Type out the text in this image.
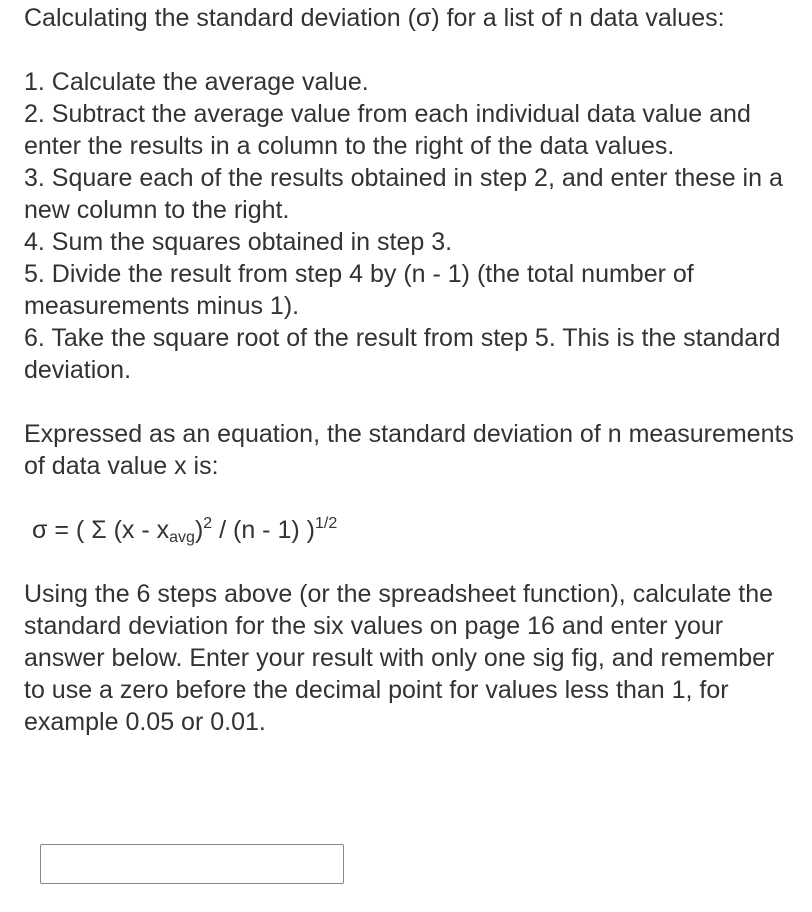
Calculating the standard deviation (σ) for a list of n data values:

1. Calculate the average value.
2. Subtract the average value from each individual data value and enter the results in a column to the right of the data values.
3. Square each of the results obtained in step 2, and enter these in a new column to the right.
4. Sum the squares obtained in step 3.
5. Divide the result from step 4 by (n - 1) (the total number of measurements minus 1).
6. Take the square root of the result from step 5. This is the standard deviation.

Expressed as an equation, the standard deviation of n measurements of data value x is:

σ = ( Σ $(x - x_{avg})^2 / (n - 1)$ )$^{1/2}$

Using the 6 steps above (or the spreadsheet function), calculate the standard deviation for the six values on page 16 and enter your answer below. Enter your result with only one sig fig, and remember to use a zero before the decimal point for values less than 1, for example 0.05 or 0.01.
